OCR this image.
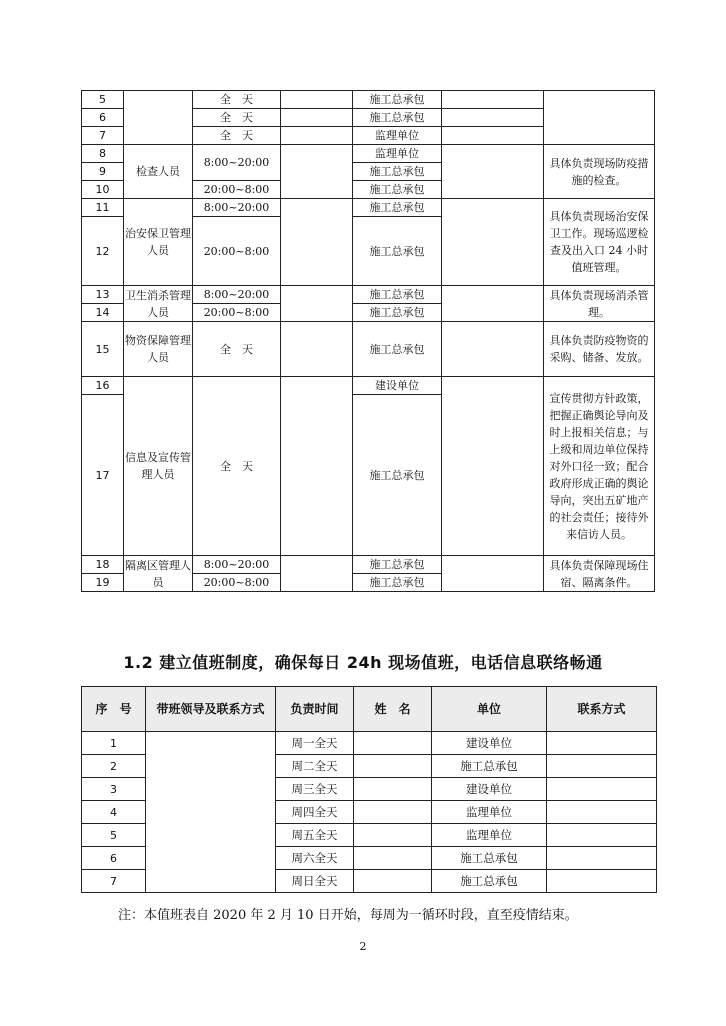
5		全　天		施工总承包		
6		全　天		施工总承包		
7		全　天		监理单位		
8	检查人员	8:00~20:00		监理单位		具体负责现场防疫措施的检查。
9				施工总承包		
10		20:00~8:00		施工总承包		
11	治安保卫管理人员	8:00~20:00		施工总承包		具体负责现场治安保卫工作。现场巡逻检查及出入口 24 小时值班管理。
12		20:00~8:00		施工总承包		
13	卫生消杀管理人员	8:00~20:00		施工总承包		具体负责现场消杀管理。
14		20:00~8:00		施工总承包		
15	物资保障管理人员	全　天		施工总承包		具体负责防疫物资的采购、储备、发放。
16	信息及宣传管理人员	全　天		建设单位		宣传贯彻方针政策，把握正确舆论导向及时上报相关信息；与上级和周边单位保持对外口径一致；配合政府形成正确的舆论导向，突出五矿地产的社会责任；接待外来信访人员。
17				施工总承包		
18	隔离区管理人员	8:00~20:00		施工总承包		具体负责保障现场住宿、隔离条件。
19		20:00~8:00		施工总承包		
1.2 建立值班制度，确保每日 24h 现场值班，电话信息联络畅通
序　号	带班领导及联系方式	负责时间	姓　名	单位	联系方式
1		周一全天		建设单位	
2		周二全天		施工总承包	
3		周三全天		建设单位	
4		周四全天		监理单位	
5		周五全天		监理单位	
6		周六全天		施工总承包	
7		周日全天		施工总承包	
注：本值班表自 2020 年 2 月 10 日开始，每周为一循环时段，直至疫情结束。
2
